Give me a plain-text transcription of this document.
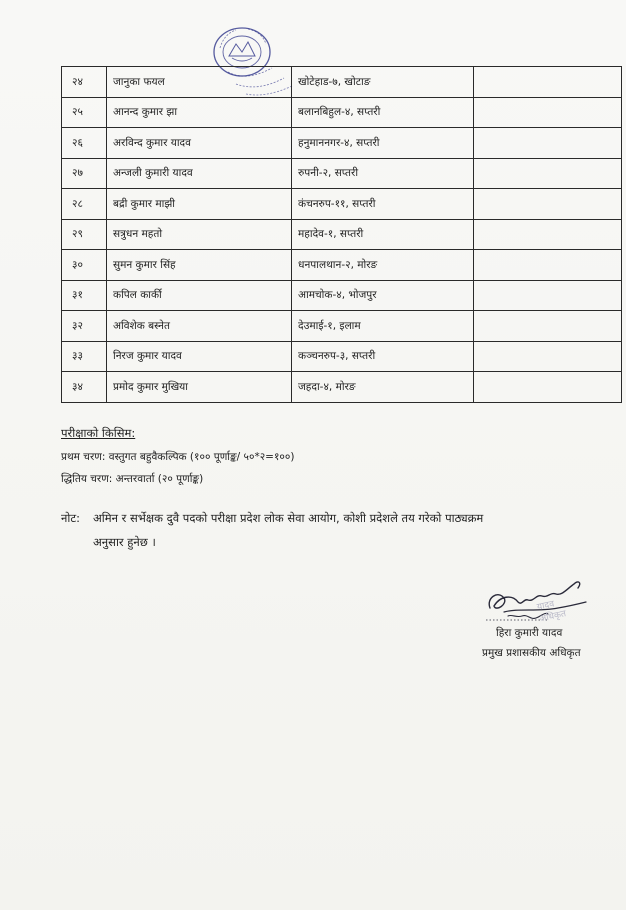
२४	जानुका फयल	खोटेहाड-७, खोटाङ	
२५	आनन्द कुमार झा	बलानबिहुल-४, सप्तरी	
२६	अरविन्द कुमार यादव	हनुमाननगर-४, सप्तरी	
२७	अन्जली कुमारी यादव	रुपनी-२, सप्तरी	
२८	बद्री कुमार माझी	कंचनरुप-११, सप्तरी	
२९	सत्रुधन महतो	महादेव-१, सप्तरी	
३०	सुमन कुमार सिंह	धनपालथान-२, मोरङ	
३१	कपिल कार्की	आमचोक-४, भोजपुर	
३२	अविशेक बस्नेत	देउमाई-१, इलाम	
३३	निरज कुमार यादव	कञ्चनरुप-३, सप्तरी	
३४	प्रमोद कुमार मुखिया	जहदा-४, मोरङ	
परीक्षाको किसिम:
प्रथम चरण: वस्तुगत बहुवैकल्पिक (१०० पूर्णाङ्क/ ५०*२=१००)
द्धितिय चरण: अन्तरवार्ता (२० पूर्णाङ्क)
नोट: अमिन र सर्भेक्षक दुवै पदको परीक्षा प्रदेश लोक सेवा आयोग, कोशी प्रदेशले तय गरेको पाठ्यक्रम
अनुसार हुनेछ ।
यादव
अधिकृत
हिरा कुमारी यादव
प्रमुख प्रशासकीय अधिकृत
